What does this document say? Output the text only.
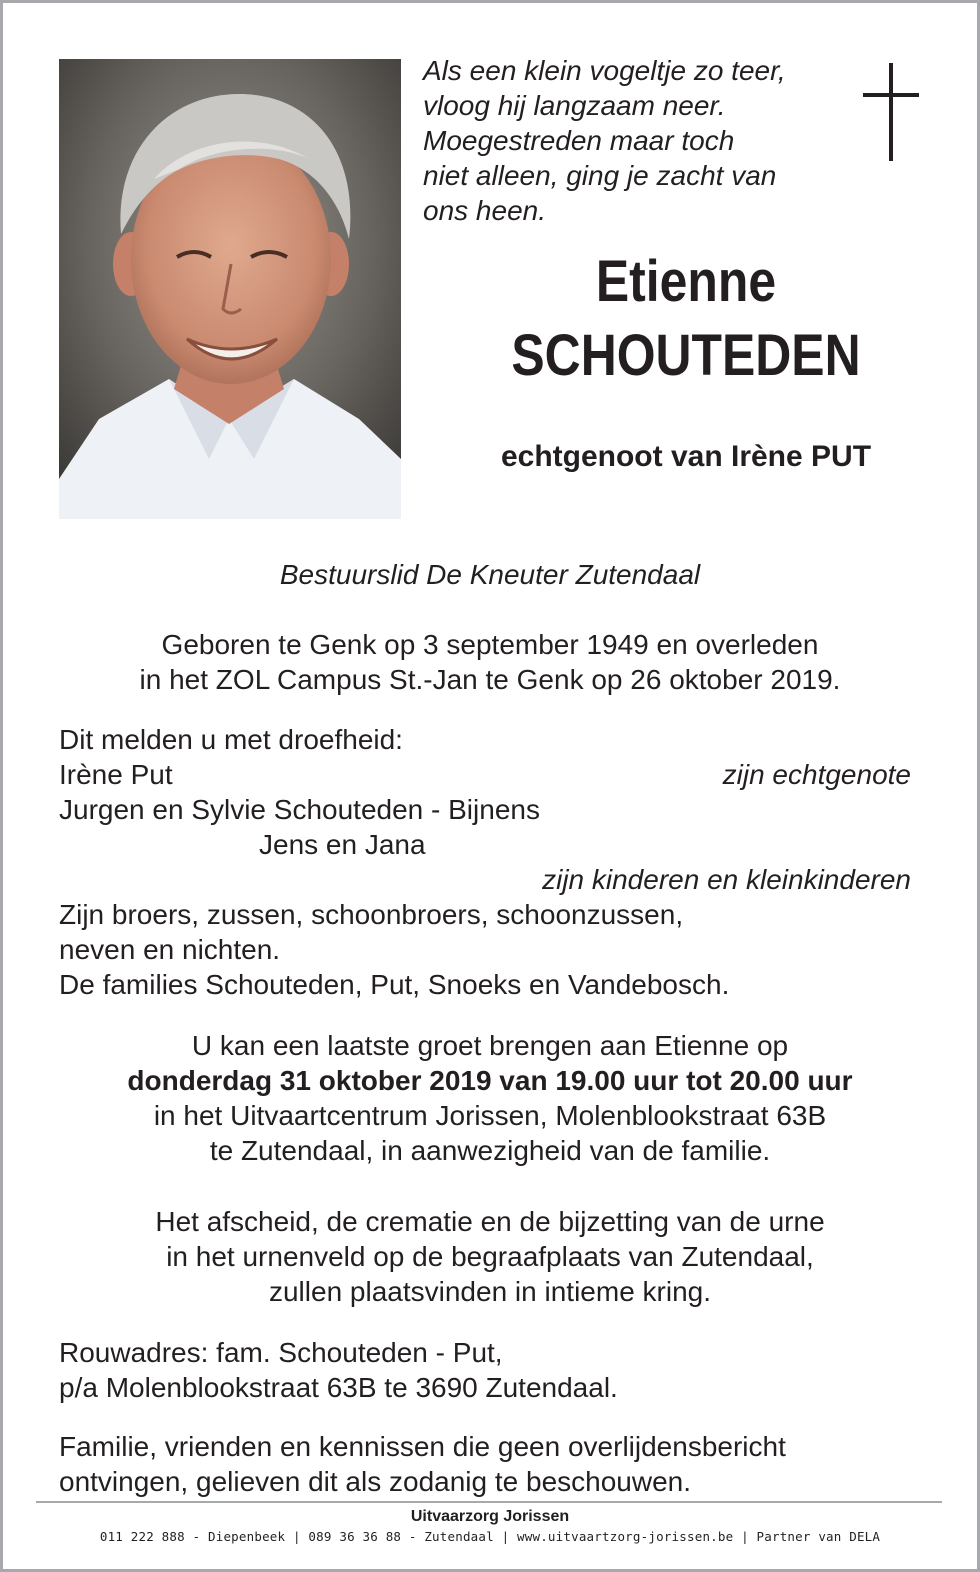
Als een klein vogeltje zo teer,
vloog hij langzaam neer.
Moegestreden maar toch
niet alleen, ging je zacht van
ons heen.
Etienne
SCHOUTEDEN
echtgenoot van Irène PUT
Bestuurslid De Kneuter Zutendaal
Geboren te Genk op 3 september 1949 en overleden
in het ZOL Campus St.-Jan te Genk op 26 oktober 2019.
Dit melden u met droefheid:
Irène Put	zijn echtgenote
Jurgen en Sylvie Schouteden - Bijnens
Jens en Jana
zijn kinderen en kleinkinderen
Zijn broers, zussen, schoonbroers, schoonzussen,
neven en nichten.
De families Schouteden, Put, Snoeks en Vandebosch.
U kan een laatste groet brengen aan Etienne op
donderdag 31 oktober 2019 van 19.00 uur tot 20.00 uur
in het Uitvaartcentrum Jorissen, Molenblookstraat 63B
te Zutendaal, in aanwezigheid van de familie.
Het afscheid, de crematie en de bijzetting van de urne
in het urnenveld op de begraafplaats van Zutendaal,
zullen plaatsvinden in intieme kring.
Rouwadres: fam. Schouteden - Put,
p/a Molenblookstraat 63B te 3690 Zutendaal.
Familie, vrienden en kennissen die geen overlijdensbericht
ontvingen, gelieven dit als zodanig te beschouwen.
Uitvaarzorg Jorissen
011 222 888 - Diepenbeek | 089 36 36 88 - Zutendaal | www.uitvaartzorg-jorissen.be | Partner van DELA
